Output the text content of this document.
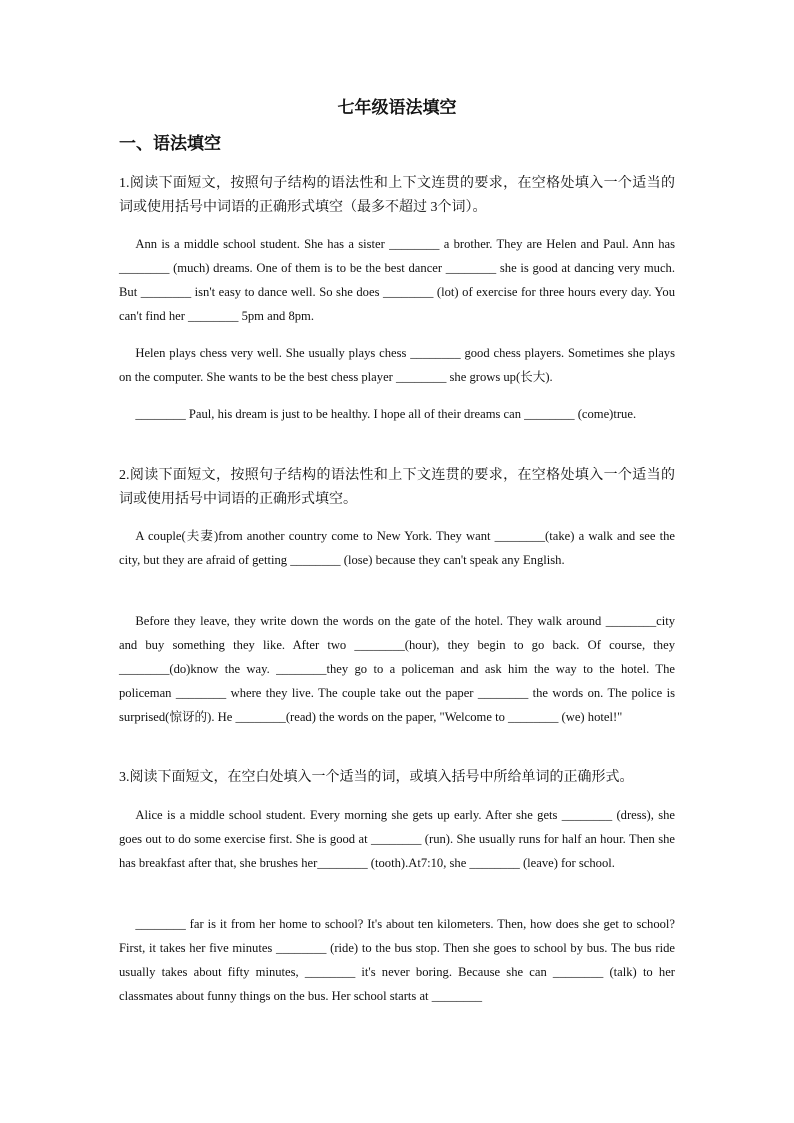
七年级语法填空
一、语法填空
1.阅读下面短文，按照句子结构的语法性和上下文连贯的要求，在空格处填入一个适当的词或使用括号中词语的正确形式填空（最多不超过 3个词）。
Ann is a middle school student. She has a sister ________ a brother. They are Helen and Paul. Ann has ________ (much) dreams. One of them is to be the best dancer ________ she is good at dancing very much. But ________ isn't easy to dance well. So she does ________ (lot) of exercise for three hours every day. You can't find her ________ 5pm and 8pm.
Helen plays chess very well. She usually plays chess ________ good chess players. Sometimes she plays on the computer. She wants to be the best chess player ________ she grows up(长大).
________ Paul, his dream is just to be healthy. I hope all of their dreams can ________ (come)true.
2.阅读下面短文，按照句子结构的语法性和上下文连贯的要求，在空格处填入一个适当的词或使用括号中词语的正确形式填空。
A couple(夫妻)from another country come to New York. They want ________(take) a walk and see the city, but they are afraid of getting ________ (lose) because they can't speak any English.
Before they leave, they write down the words on the gate of the hotel. They walk around ________city and buy something they like. After two ________(hour), they begin to go back. Of course, they ________(do)know the way. ________they go to a policeman and ask him the way to the hotel. The policeman ________ where they live. The couple take out the paper ________ the words on. The police is surprised(惊讶的). He ________(read) the words on the paper, "Welcome to ________ (we) hotel!"
3.阅读下面短文，在空白处填入一个适当的词，或填入括号中所给单词的正确形式。
Alice is a middle school student. Every morning she gets up early. After she gets ________ (dress), she goes out to do some exercise first. She is good at ________ (run). She usually runs for half an hour. Then she has breakfast after that, she brushes her________ (tooth).At7:10, she ________ (leave) for school.
________ far is it from her home to school? It's about ten kilometers. Then, how does she get to school? First, it takes her five minutes ________ (ride) to the bus stop. Then she goes to school by bus. The bus ride usually takes about fifty minutes, ________ it's never boring. Because she can ________ (talk) to her classmates about funny things on the bus. Her school starts at ________
